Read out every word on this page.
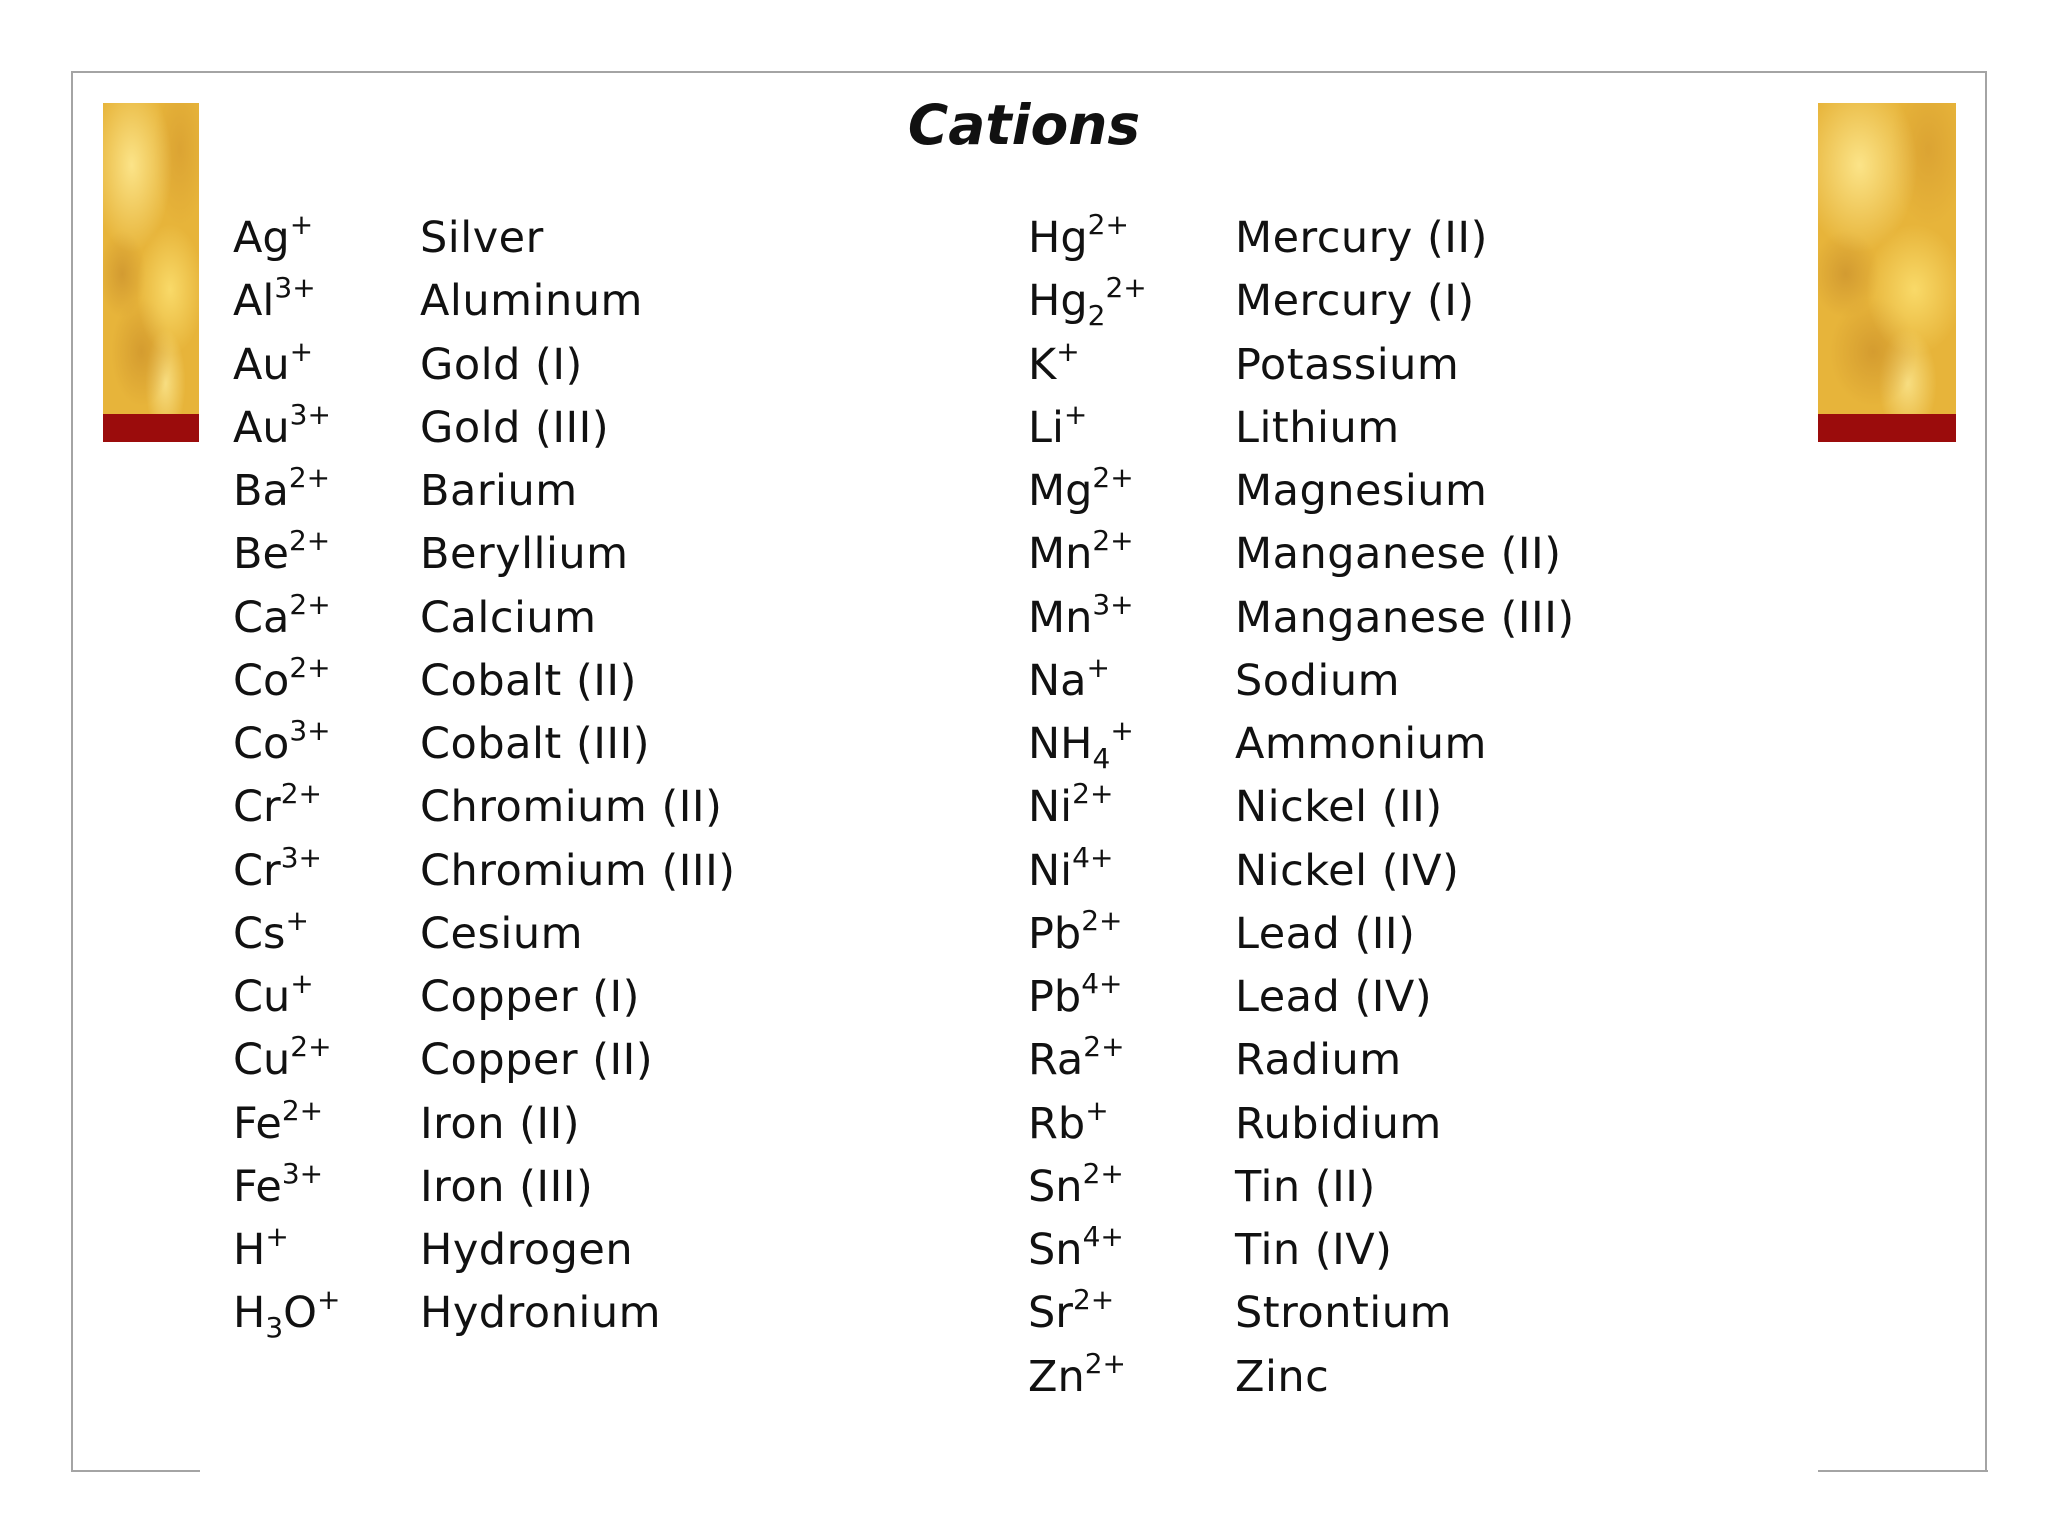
Cations
Ag+ Silver
$Al^{3+}$ Aluminum
Au+ Gold (I)
$Au^{3+}$ Gold (III)
$Ba^{2+}$ Barium
$Be^{2+}$ Beryllium
$Ca^{2+}$ Calcium
$Co^{2+}$ Cobalt (II)
$Co^{3+}$ Cobalt (III)
$Cr^{2+}$ Chromium (II)
$Cr^{3+}$ Chromium (III)
Cs+	Cesium
Cu+ Copper (I)
$Cu^{2+}$ Copper (II)
$Fe^{2+}$ Iron (II)
$Fe^{3+}$ Iron (III)
H+	Hydrogen
$H_3O^+$ Hydronium
$Hg^{2+}$ Mercury (II)
$Hg_2^{2+}$ Mercury (I)
K+	Potassium
Li+	Lithium
$Mg^{2+}$ Magnesium
$Mn^{2+}$ Manganese (II)
$Mn^{3+}$ Manganese (III)
Na+	Sodium
$NH_4^+$ Ammonium
$Ni^{2+}$	Nickel (II)
$Ni^{4+}$	Nickel (IV)
$Pb^{2+}$	Lead (II)
$Pb^{4+}$	Lead (IV)
$Ra^{2+}$	Radium
Rb+	Rubidium
$Sn^{2+}$	Tin (II)
$Sn^{4+}$	Tin (IV)
$Sr^{2+}$	Strontium
$Zn^{2+}$	Zinc
